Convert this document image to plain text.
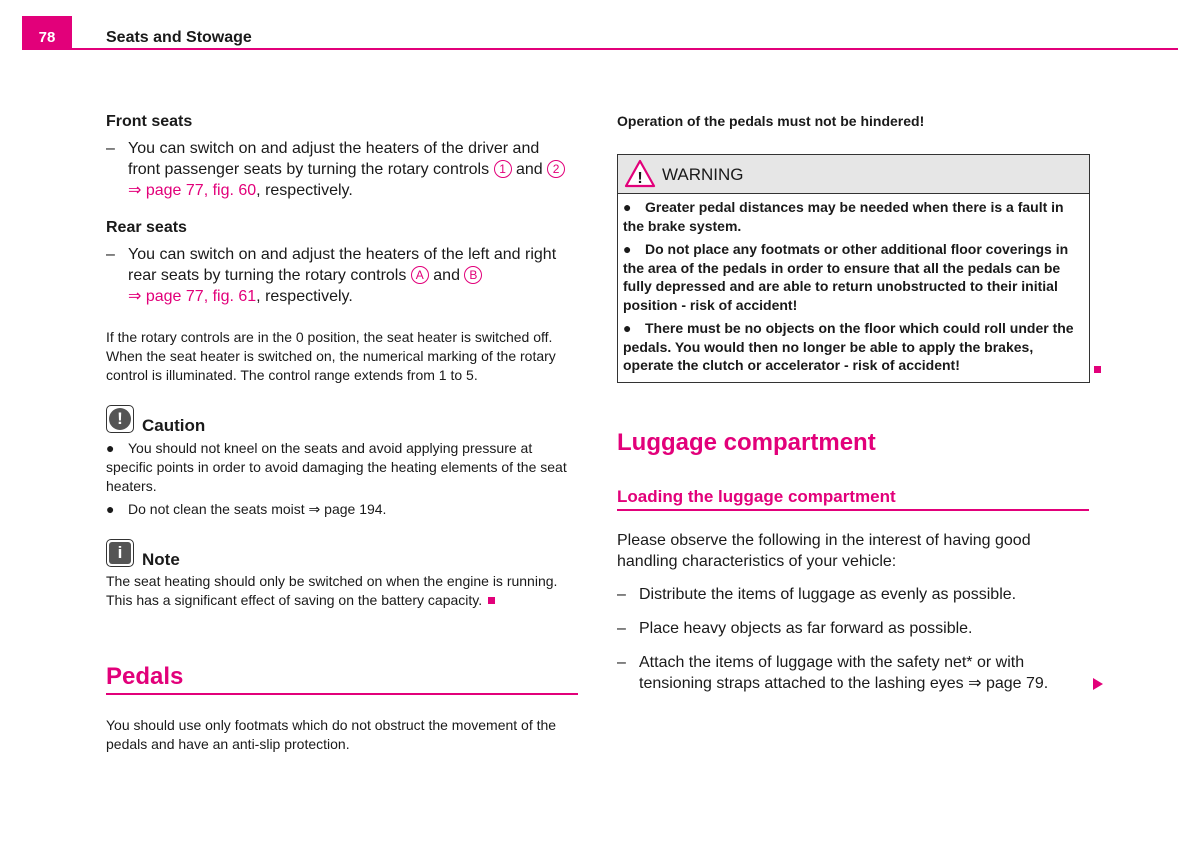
78	Seats and Stowage
Front seats
– You can switch on and adjust the heaters of the driver and
front passenger seats by turning the rotary controls 1 and 2
⇒ page 77, fig. 60, respectively.
Rear seats
– You can switch on and adjust the heaters of the left and right
rear seats by turning the rotary controls A and B
⇒ page 77, fig. 61, respectively.
If the rotary controls are in the 0 position, the seat heater is switched off.
When the seat heater is switched on, the numerical marking of the rotary
control is illuminated. The control range extends from 1 to 5.
!	Caution
● You should not kneel on the seats and avoid applying pressure at
specific points in order to avoid damaging the heating elements of the seat
heaters.
● Do not clean the seats moist ⇒ page 194.
i	Note
The seat heating should only be switched on when the engine is running.
This has a significant effect of saving on the battery capacity.
Pedals
You should use only footmats which do not obstruct the movement of the
pedals and have an anti-slip protection.
Operation of the pedals must not be hindered!
! WARNING
● Greater pedal distances may be needed when there is a fault in
the brake system.
● Do not place any footmats or other additional floor coverings in
the area of the pedals in order to ensure that all the pedals can be
fully depressed and are able to return unobstructed to their initial
position - risk of accident!
● There must be no objects on the floor which could roll under the
pedals. You would then no longer be able to apply the brakes,
operate the clutch or accelerator - risk of accident!
Luggage compartment
Loading the luggage compartment
Please observe the following in the interest of having good
handling characteristics of your vehicle:
– Distribute the items of luggage as evenly as possible.
– Place heavy objects as far forward as possible.
– Attach the items of luggage with the safety net* or with
tensioning straps attached to the lashing eyes ⇒ page 79.
